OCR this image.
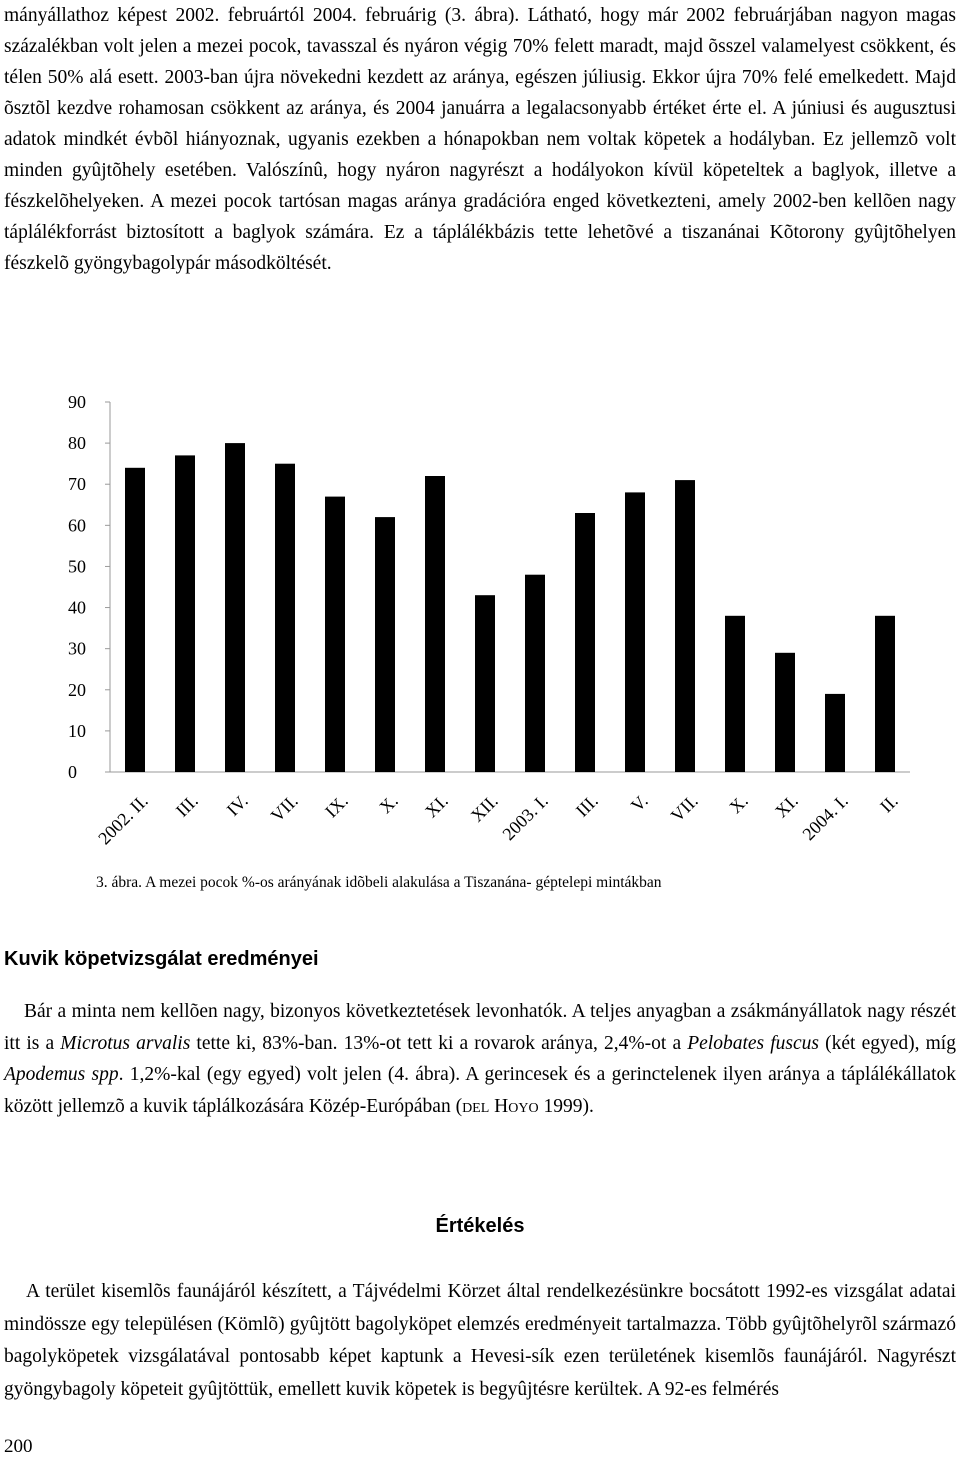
mányállathoz képest 2002. februártól 2004. februárig (3. ábra). Látható, hogy már 2002 februárjában nagyon magas százalékban volt jelen a mezei pocok, tavasszal és nyáron végig 70% felett maradt, majd õsszel valamelyest csökkent, és télen 50% alá esett. 2003-ban újra növekedni kezdett az aránya, egészen júliusig. Ekkor újra 70% felé emelkedett. Majd õsztõl kezdve rohamosan csökkent az aránya, és 2004 januárra a legalacsonyabb értéket érte el. A júniusi és augusztusi adatok mindkét évbõl hiányoznak, ugyanis ezekben a hónapokban nem voltak köpetek a hodályban. Ez jellemzõ volt minden gyûjtõhely esetében. Valószínû, hogy nyáron nagyrészt a hodályokon kívül köpeteltek a baglyok, illetve a fészkelõhelyeken. A mezei pocok tartósan magas aránya gradációra enged következteni, amely 2002-ben kellõen nagy táplálékforrást biztosított a baglyok számára. Ez a táplálékbázis tette lehetõvé a tiszanánai Kõtorony gyûjtõhelyen fészkelõ gyöngybagolypár másodköltését.

0
10
20
30
40
50
60
70
80
90
2002. II. III. IV. VII. IX. X. XI. XII.
2003. I. III. V. VII. X. XI.
2004. I. II.
3. ábra. A mezei pocok %-os arányának idõbeli alakulása a Tiszanána- géptelepi mintákban
Kuvik köpetvizsgálat eredményei

Bár a minta nem kellõen nagy, bizonyos következtetések levonhatók. A teljes anyagban a zsákmányállatok nagy részét itt is a Microtus arvalis tette ki, 83%-ban. 13%-ot tett ki a rovarok aránya, 2,4%-ot a Pelobates fuscus (két egyed), míg Apodemus spp. 1,2%-kal (egy egyed) volt jelen (4. ábra). A gerincesek és a gerinctelenek ilyen aránya a táplálékállatok között jellemzõ a kuvik táplálkozására Közép-Európában (DEL HOYO 1999).

Értékelés

A terület kisemlõs faunájáról készített, a Tájvédelmi Körzet által rendelkezésünkre bocsátott 1992-es vizsgálat adatai mindössze egy településen (Kömlõ) gyûjtött bagolyköpet elemzés eredményeit tartalmazza. Több gyûjtõhelyrõl származó bagolyköpetek vizsgálatával pontosabb képet kaptunk a Hevesi-sík ezen területének kisemlõs faunájáról. Nagyrészt gyöngybagoly köpeteit gyûjtöttük, emellett kuvik köpetek is begyûjtésre kerültek. A 92-es felmérés

200
